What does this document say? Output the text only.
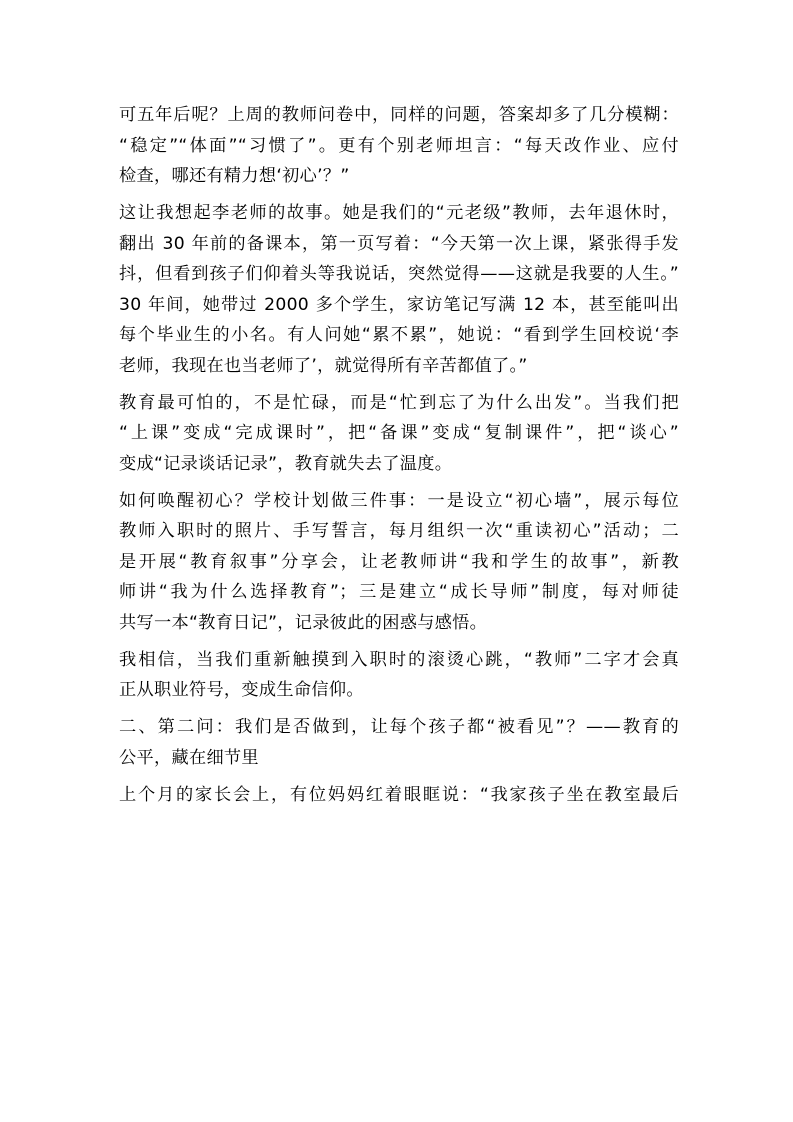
可五年后呢？上周的教师问卷中，同样的问题，答案却多了几分模糊：
“稳定”“体面”“习惯了”。更有个别老师坦言：“每天改作业、应付
检查，哪还有精力想‘初心’？”
这让我想起李老师的故事。她是我们的“元老级”教师，去年退休时，
翻出 30 年前的备课本，第一页写着：“今天第一次上课，紧张得手发
抖，但看到孩子们仰着头等我说话，突然觉得——这就是我要的人生。”
30 年间，她带过 2000 多个学生，家访笔记写满 12 本，甚至能叫出
每个毕业生的小名。有人问她“累不累”，她说：“看到学生回校说‘李
老师，我现在也当老师了’，就觉得所有辛苦都值了。”
教育最可怕的，不是忙碌，而是“忙到忘了为什么出发”。当我们把
“上课”变成“完成课时”，把“备课”变成“复制课件”，把“谈心”
变成“记录谈话记录”，教育就失去了温度。
如何唤醒初心？学校计划做三件事：一是设立“初心墙”，展示每位
教师入职时的照片、手写誓言，每月组织一次“重读初心”活动；二
是开展“教育叙事”分享会，让老教师讲“我和学生的故事”，新教
师讲“我为什么选择教育”；三是建立“成长导师”制度，每对师徒
共写一本“教育日记”，记录彼此的困惑与感悟。
我相信，当我们重新触摸到入职时的滚烫心跳，“教师”二字才会真
正从职业符号，变成生命信仰。
二、第二问：我们是否做到，让每个孩子都“被看见”？——教育的
公平，藏在细节里
上个月的家长会上，有位妈妈红着眼眶说：“我家孩子坐在教室最后
